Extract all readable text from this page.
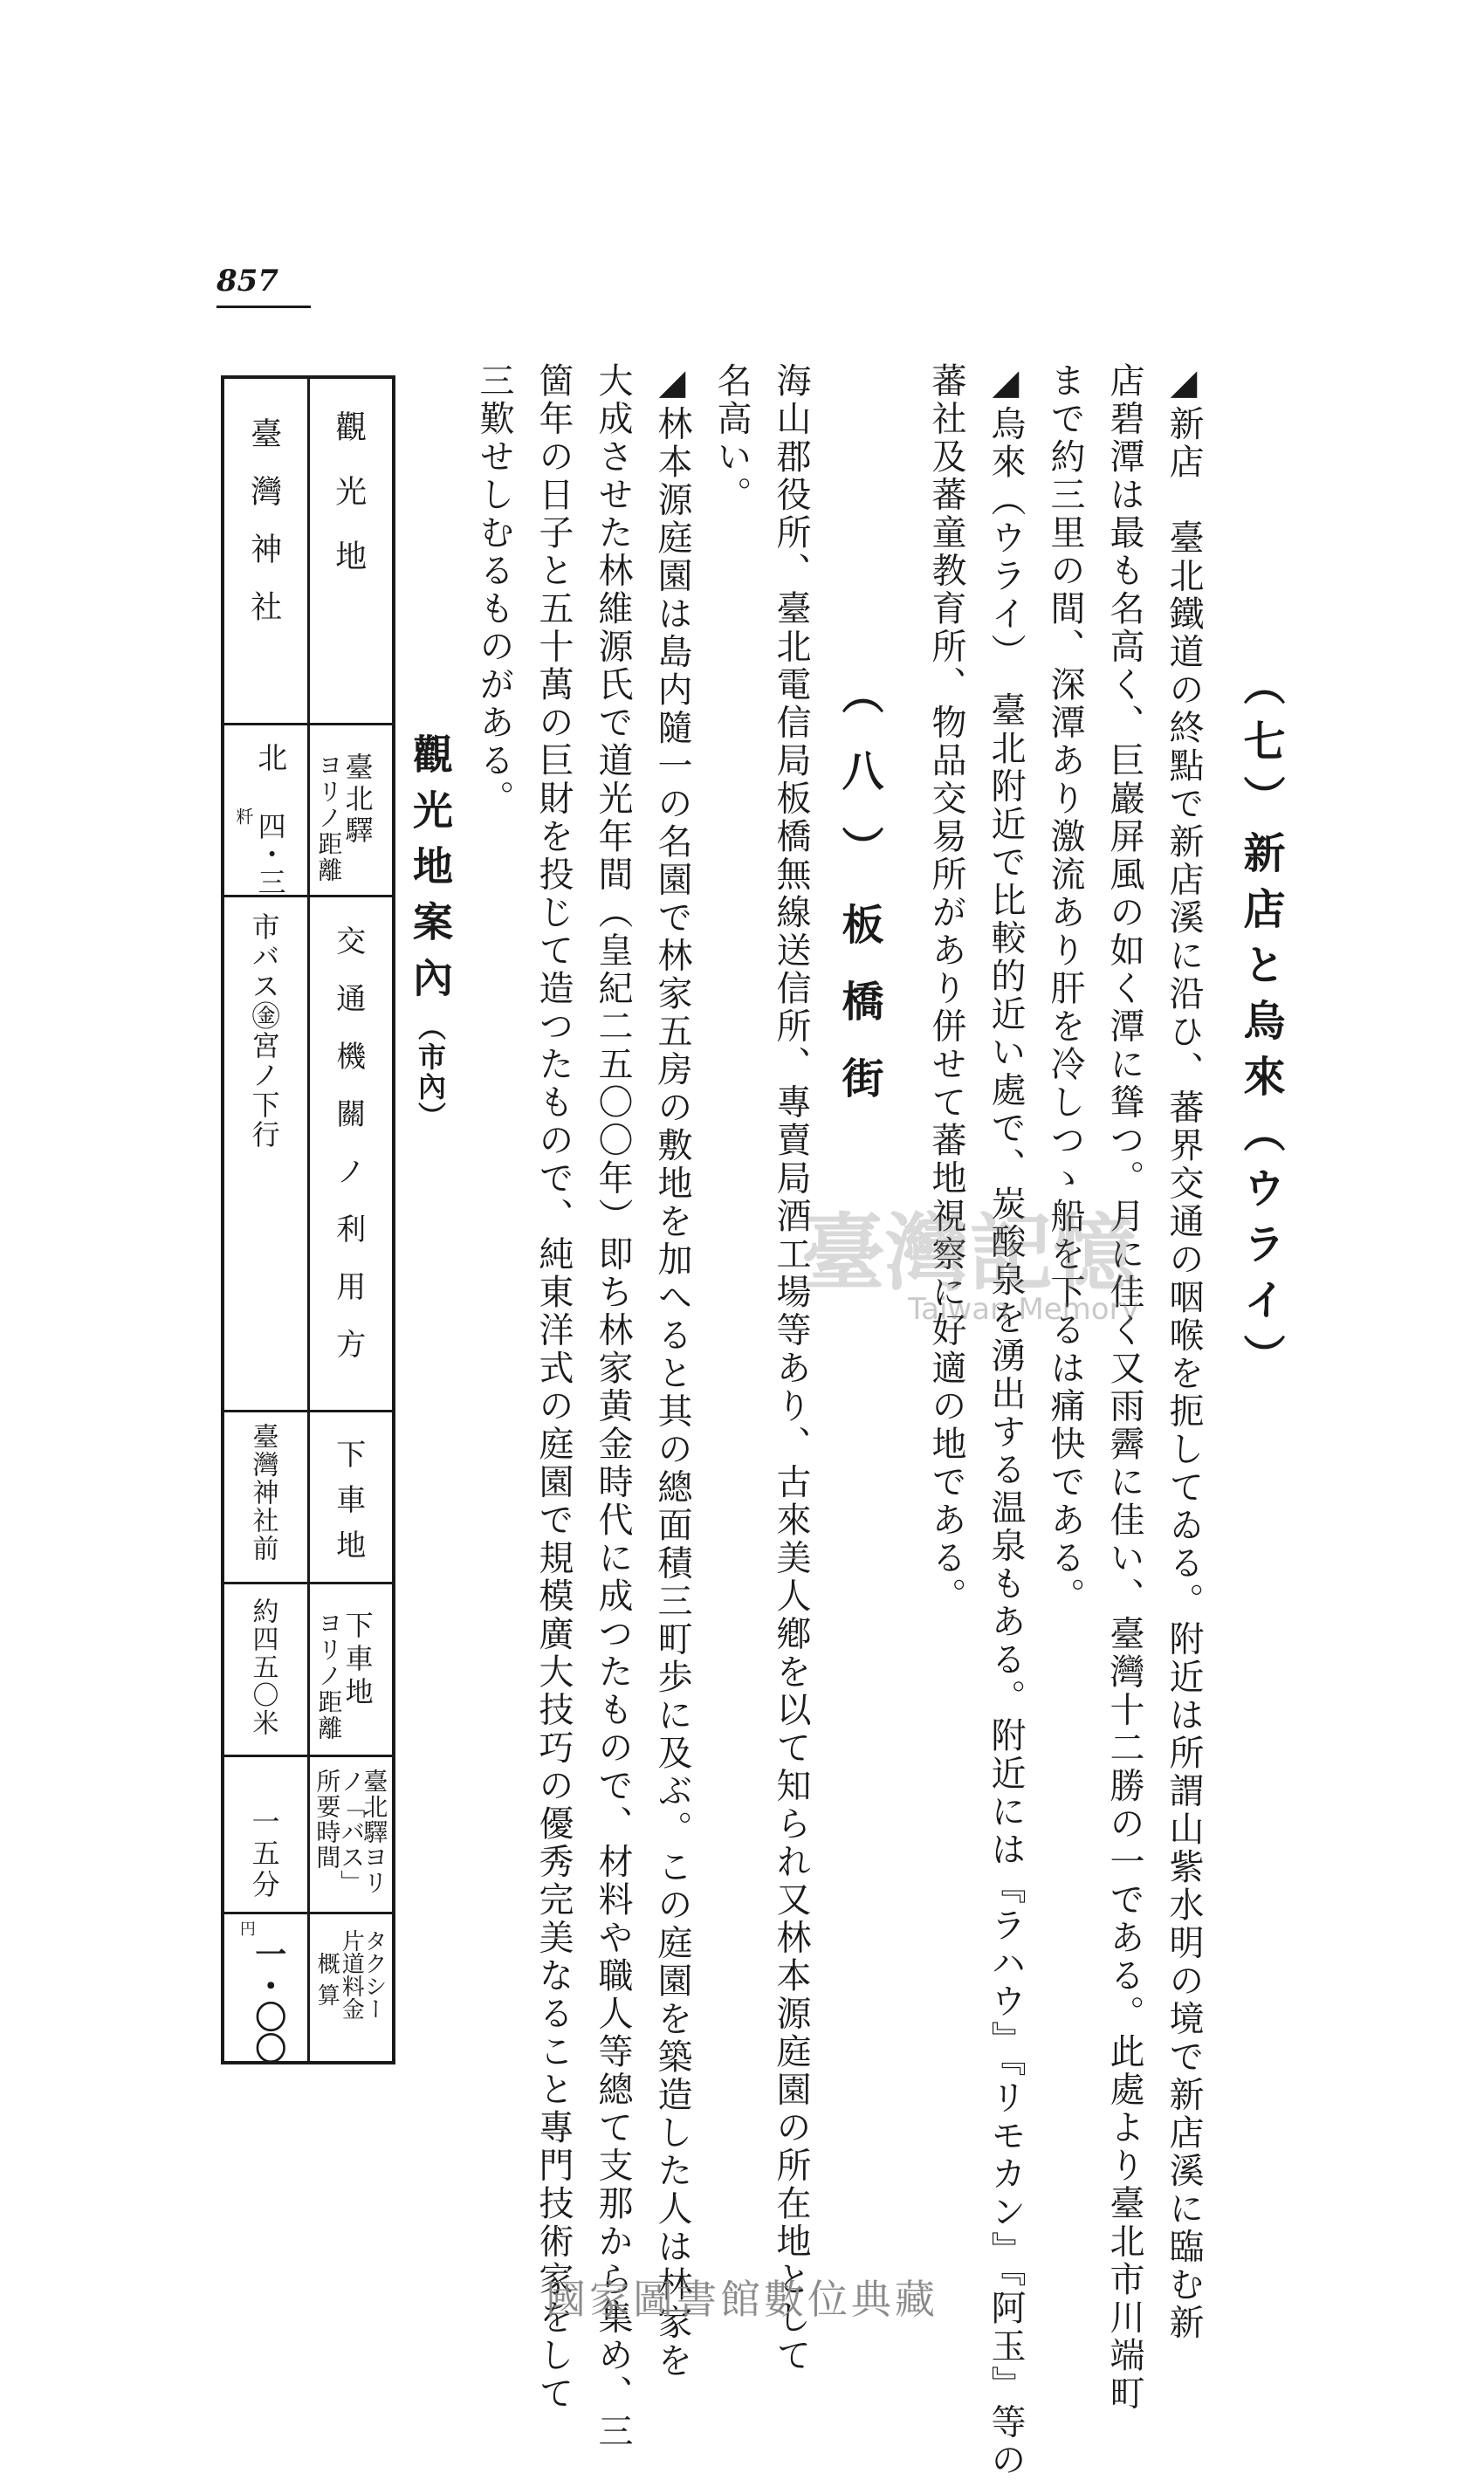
857
（七）新店と烏來（ウライ）
◢新店　臺北鐵道の終點で新店溪に沿ひ、蕃界交通の咽喉を扼してゐる。附近は所謂山紫水明の境で新店溪に臨む新
店碧潭は最も名高く、巨巖屏風の如く潭に聳つ。月に佳く又雨霽に佳い、臺灣十二勝の一である。此處より臺北市川端町
まで約三里の間、深潭あり激流あり肝を冷しつゝ船を下るは痛快である。
◢烏來（ウライ）　臺北附近で比較的近い處で、炭酸泉を湧出する温泉もある。附近には『ラハウ』『リモカン』『阿玉』等の
蕃社及蕃童教育所、物品交易所があり併せて蕃地視察に好適の地である。
（八）板橋街
海山郡役所、臺北電信局板橋無線送信所、專賣局酒工場等あり、古來美人鄕を以て知られ又林本源庭園の所在地として
名高い。
◢林本源庭園は島内隨一の名園で林家五房の敷地を加へると其の總面積三町歩に及ぶ。この庭園を築造した人は林家を
大成させた林維源氏で道光年間（皇紀二五〇〇年）即ち林家黄金時代に成つたもので、材料や職人等總て支那から集め、三
箇年の日子と五十萬の巨財を投じて造つたもので、純東洋式の庭園で規模廣大技巧の優秀完美なること專門技術家をして
三歎せしむるものがある。
觀光地案內（市內）
觀光地
臺北驛
ヨリノ距離
交通機關ノ利用方
下車地
下車地
ヨリノ距離
臺北驛ヨリ
ノ「バス」
所要時間
タクシー
片道料金
概算
臺灣神社
北
粁 四・三
市バス㊎宮ノ下行
臺灣神社前
約四五〇米
一五分
円
一・〇〇
臺灣記憶
Taiwan Memory
國家圖書館數位典藏
